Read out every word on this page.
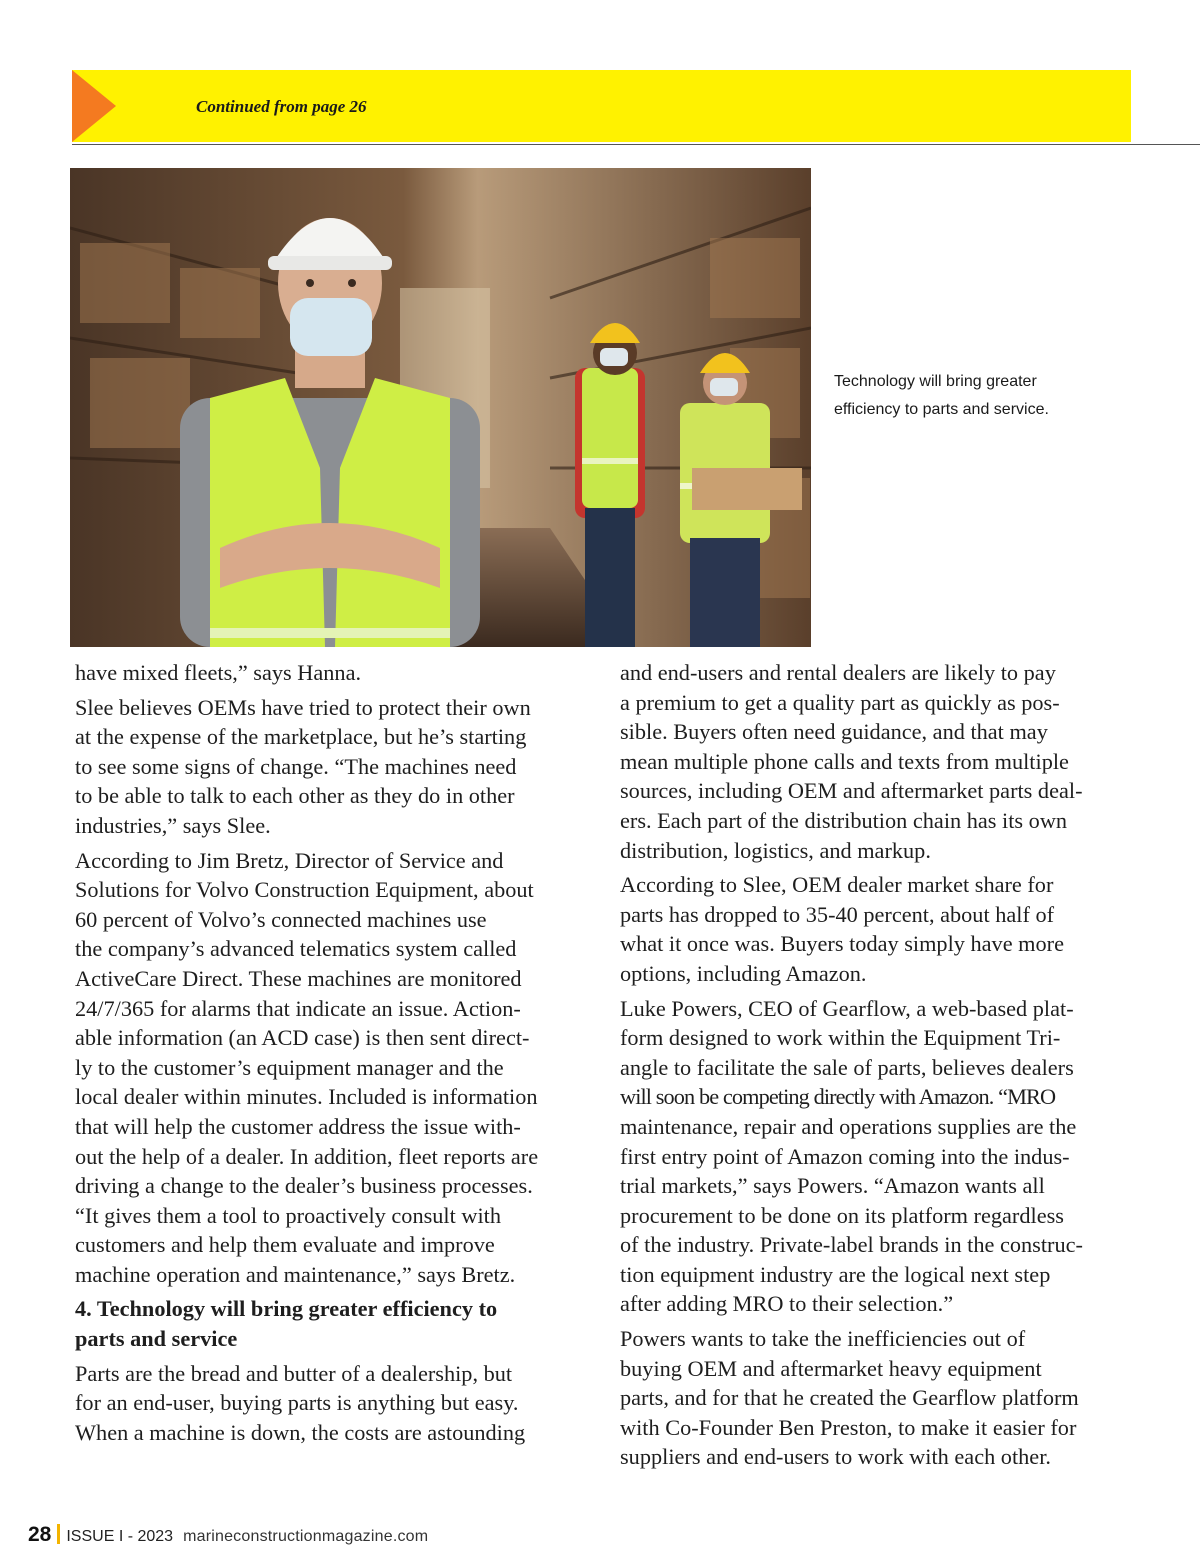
Continued from page 26
Technology will bring greater
efficiency to parts and service.

have mixed fleets,” says Hanna.

Slee believes OEMs have tried to protect their own
at the expense of the marketplace, but he’s starting
to see some signs of change. “The machines need
to be able to talk to each other as they do in other
industries,” says Slee.

According to Jim Bretz, Director of Service and
Solutions for Volvo Construction Equipment, about
60 percent of Volvo’s connected machines use
the company’s advanced telematics system called
ActiveCare Direct. These machines are monitored
24/7/365 for alarms that indicate an issue. Action-
able information (an ACD case) is then sent direct-
ly to the customer’s equipment manager and the
local dealer within minutes. Included is information
that will help the customer address the issue with-
out the help of a dealer. In addition, fleet reports are
driving a change to the dealer’s business processes.
“It gives them a tool to proactively consult with
customers and help them evaluate and improve
machine operation and maintenance,” says Bretz.

4. Technology will bring greater efficiency to
parts and service

Parts are the bread and butter of a dealership, but
for an end-user, buying parts is anything but easy.
When a machine is down, the costs are astounding

and end-users and rental dealers are likely to pay
a premium to get a quality part as quickly as pos-
sible. Buyers often need guidance, and that may
mean multiple phone calls and texts from multiple
sources, including OEM and aftermarket parts deal-
ers. Each part of the distribution chain has its own
distribution, logistics, and markup.

According to Slee, OEM dealer market share for
parts has dropped to 35-40 percent, about half of
what it once was. Buyers today simply have more
options, including Amazon.

Luke Powers, CEO of Gearflow, a web-based plat-
form designed to work within the Equipment Tri-
angle to facilitate the sale of parts, believes dealers
will soon be competing directly with Amazon. “MRO
maintenance, repair and operations supplies are the
first entry point of Amazon coming into the indus-
trial markets,” says Powers. “Amazon wants all
procurement to be done on its platform regardless
of the industry. Private-label brands in the construc-
tion equipment industry are the logical next step
after adding MRO to their selection.”

Powers wants to take the inefficiencies out of
buying OEM and aftermarket heavy equipment
parts, and for that he created the Gearflow platform
with Co-Founder Ben Preston, to make it easier for
suppliers and end-users to work with each other.

28 ISSUE I - 2023 marineconstructionmagazine.com
